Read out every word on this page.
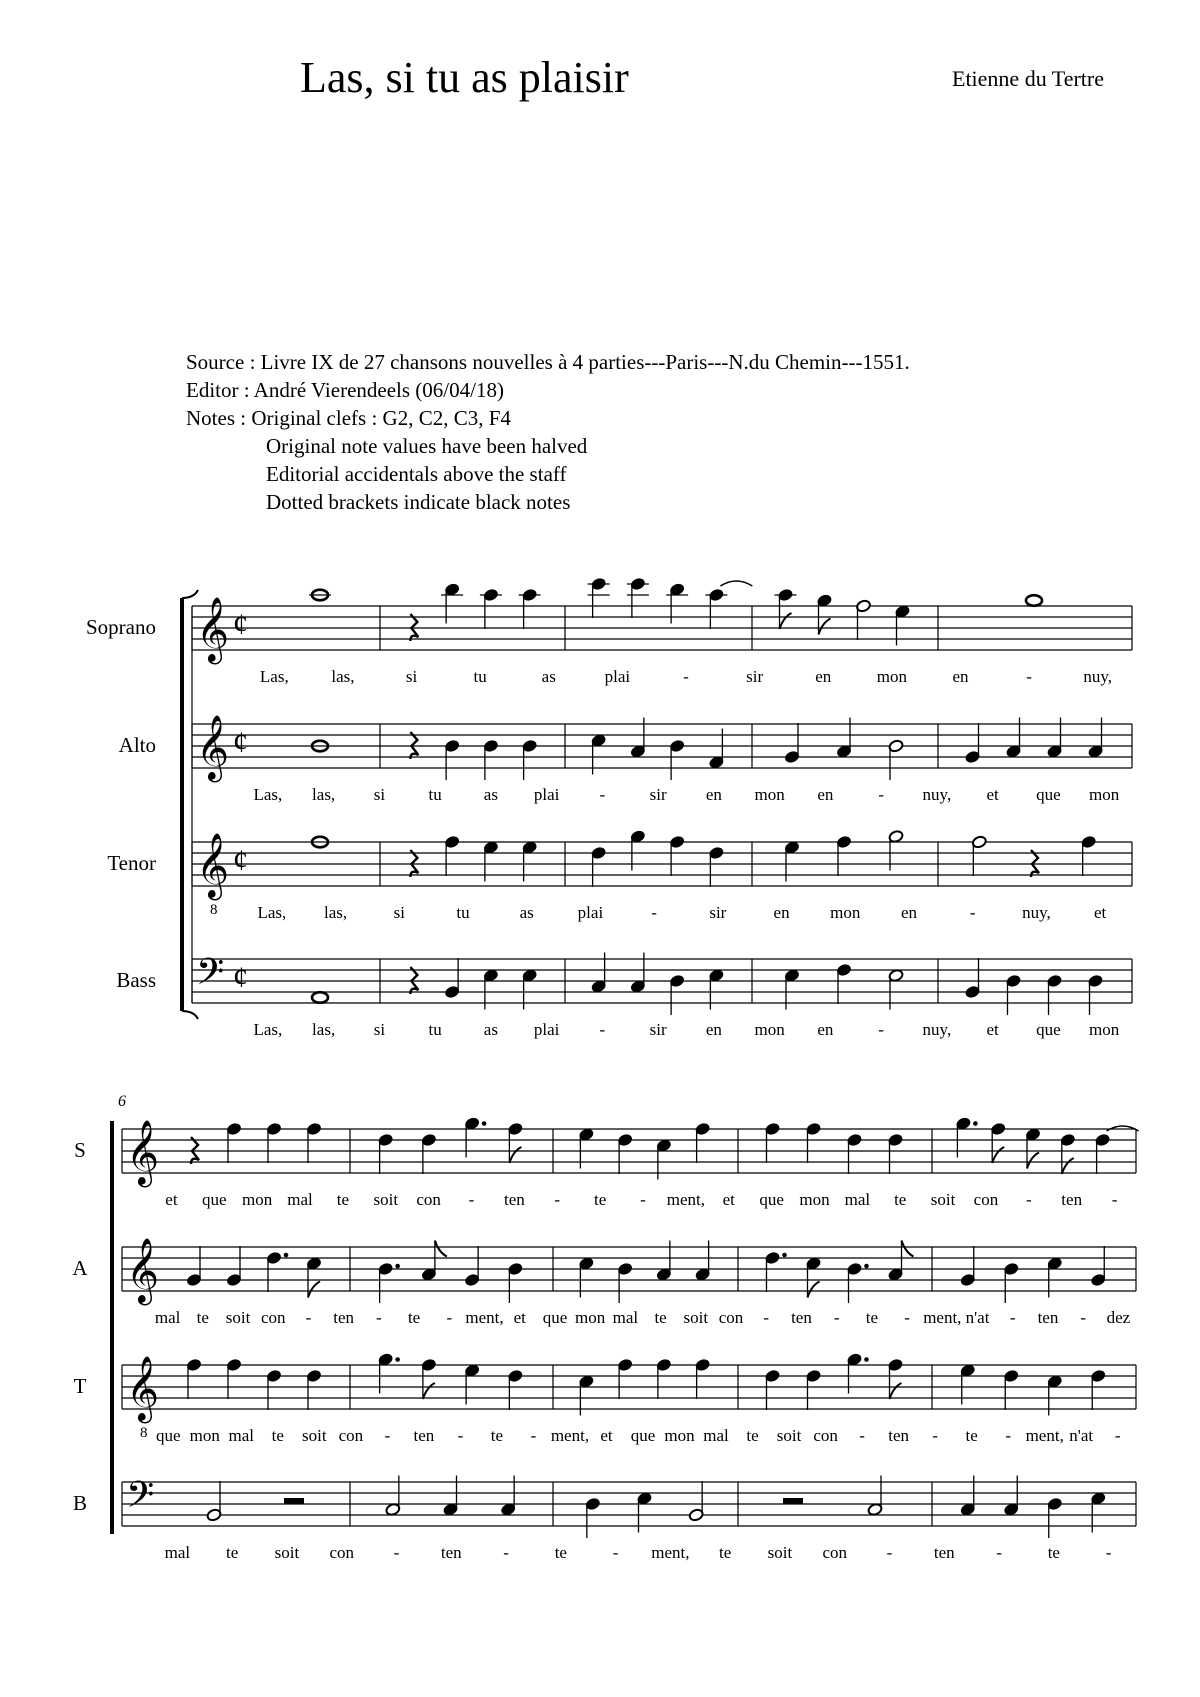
Las, si tu as plaisir	Etienne du Tertre
Source : Livre IX de 27 chansons nouvelles à 4 parties---Paris---N.du Chemin---1551.
Editor : André Vierendeels (06/04/18)
Notes : Original clefs : G2, C2, C3, F4
Original note values have been halved
Editorial accidentals above the staff
Dotted brackets indicate black notes
Soprano 𝄞 ¢
Las,	las,	si	tu	as	plai	-	sir	en	mon	en	-	nuy,
Alto 𝄞 ¢
Las, las, si	tu as plai -	sir en mon en	- nuy, et que mon
Tenor 𝄞
8
¢
Las, las,	si	tu	as	plai	-	sir	en mon en	-	nuy,	et
Bass 𝄢 ¢
Las, las, si	tu as plai -	sir en mon en	- nuy, et que mon
6
S 𝄞
et que mon mal te soit con - ten - te - ment, et que mon mal te soit con - ten -
A 𝄞
mal te soit con - ten - te - ment, et que mon mal te soit con - ten - te - ment, n'at - ten - dez
T 𝄞
8 que mon mal te soit con - ten - te - ment, et que mon mal te soit con - ten - te - ment, n'at -
B 𝄢
mal te soit con - ten -	te	- ment, te soit con - ten -	te	-
